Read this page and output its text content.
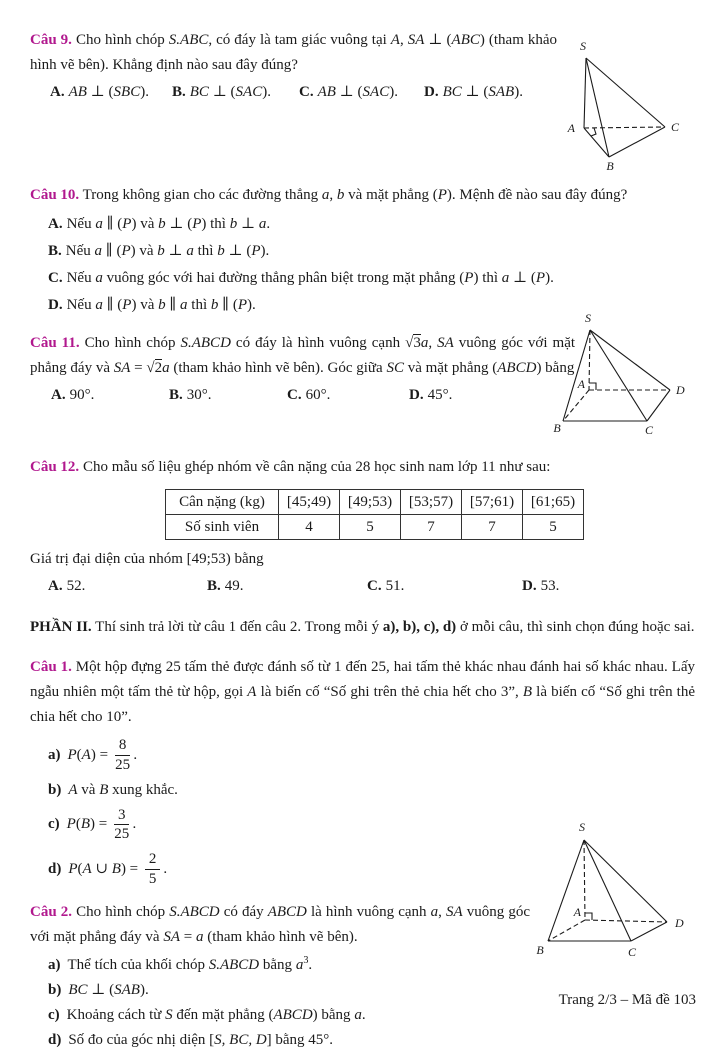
Câu 9. Cho hình chóp S.ABC, có đáy là tam giác vuông tại A, SA ⊥ (ABC) (tham khảo hình vẽ bên). Khẳng định nào sau đây đúng?

A. AB ⊥ (SBC).	B. BC ⊥ (SAC).	C. AB ⊥ (SAC).	D. BC ⊥ (SAB).

Câu 10. Trong không gian cho các đường thẳng a, b và mặt phẳng (P). Mệnh đề nào sau đây đúng?

A. Nếu a ∥ (P) và b ⊥ (P) thì b ⊥ a.

B. Nếu a ∥ (P) và b ⊥ a thì b ⊥ (P).

C. Nếu a vuông góc với hai đường thẳng phân biệt trong mặt phẳng (P) thì a ⊥ (P).

D. Nếu a ∥ (P) và b ∥ a thì b ∥ (P).

Câu 11. Cho hình chóp S.ABCD có đáy là hình vuông cạnh √3a, SA vuông góc với mặt phẳng đáy và SA = √2a (tham khảo hình vẽ bên). Góc giữa SC và mặt phẳng (ABCD) bằng

A. 90°.	B. 30°.	C. 60°.	D. 45°.

Câu 12. Cho mẫu số liệu ghép nhóm về cân nặng của 28 học sinh nam lớp 11 như sau:

Cân nặng (kg)	[45;49)	[49;53)	[53;57)	[57;61)	[61;65)
Số sinh viên	4	5	7	7	5

Giá trị đại diện của nhóm [49;53) bằng

A. 52.	B. 49.	C. 51.	D. 53.

PHẦN II. Thí sinh trả lời từ câu 1 đến câu 2. Trong mỗi ý a), b), c), d) ở mỗi câu, thì sinh chọn đúng hoặc sai.

Câu 1. Một hộp đựng 25 tấm thẻ được đánh số từ 1 đến 25, hai tấm thẻ khác nhau đánh hai số khác nhau. Lấy ngẫu nhiên một tấm thẻ từ hộp, gọi A là biến cố “Số ghi trên thẻ chia hết cho 3”, B là biến cố “Số ghi trên thẻ chia hết cho 10”.

a) $P(A) = \frac{8}{25}$ .

b) A và B xung khắc.

c) $P(B) = \frac{3}{25}$ .

d) P(A ∪ $B) = \frac{2}{5}$ .

Câu 2. Cho hình chóp S.ABCD có đáy ABCD là hình vuông cạnh a, SA vuông góc với mặt phẳng đáy và SA = a (tham khảo hình vẽ bên).

a) Thể tích của khối chóp S.ABCD bằng $a^3$.

b) BC ⊥ (SAB).

c) Khoảng cách từ S đến mặt phẳng (ABCD) bằng a.

d) Số đo của góc nhị diện [S, BC, D] bằng 45°.

S
A
B
C
S
A
B	C
D
S
A
B	C
D

Trang 2/3 – Mã đề 103
